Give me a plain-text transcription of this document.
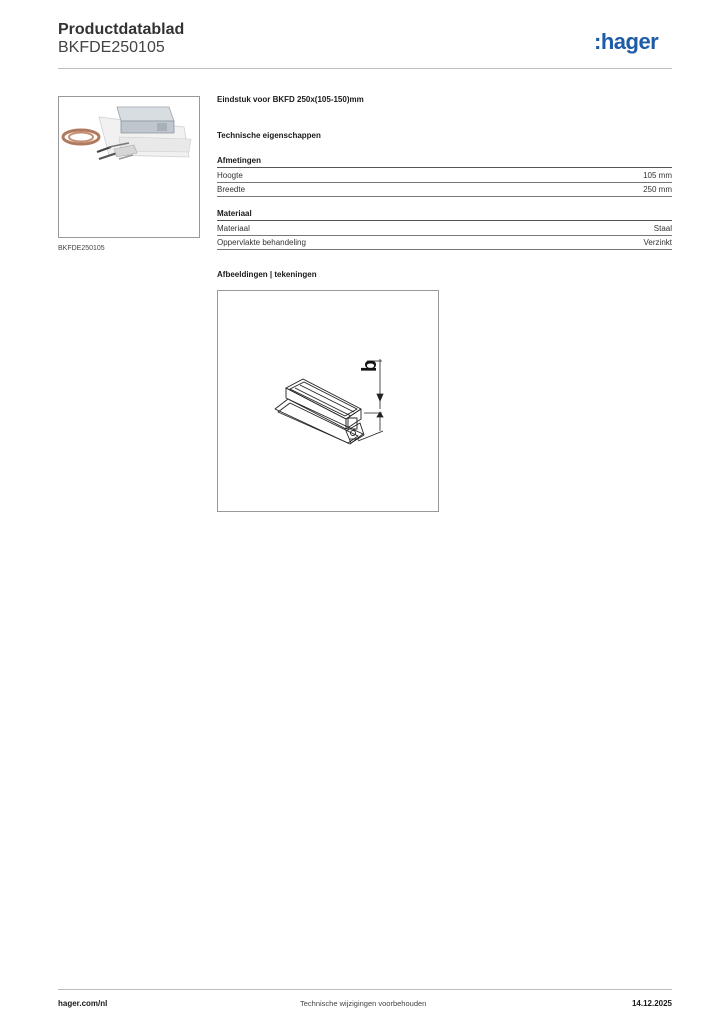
Productdatablad
BKFDE250105	:hager
BKFDE250105
Eindstuk voor BKFD 250x(105-150)mm
Technische eigenschappen
Afmetingen
Hoogte	105 mm
Breedte	250 mm
Materiaal
Materiaal	Staal
Oppervlakte behandeling	Verzinkt
Afbeeldingen | tekeningen
b
hager.com/nl	Technische wijzigingen voorbehouden	14.12.2025
